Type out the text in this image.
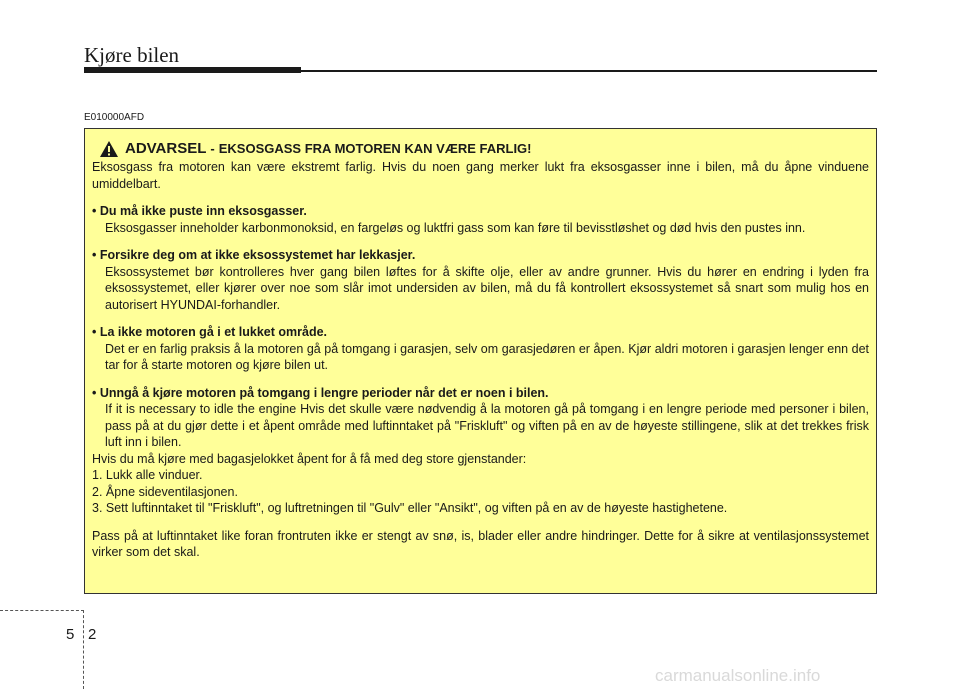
Kjøre bilen
E010000AFD
ADVARSEL - EKSOSGASS FRA MOTOREN KAN VÆRE FARLIG!
Eksosgass fra motoren kan være ekstremt farlig. Hvis du noen gang merker lukt fra eksosgasser inne i bilen, må du åpne vinduene umiddelbart.
• Du må ikke puste inn eksosgasser.
Eksosgasser inneholder karbonmonoksid, en fargeløs og luktfri gass som kan føre til bevisstløshet og død hvis den pustes inn.
• Forsikre deg om at ikke eksossystemet har lekkasjer.
Eksossystemet bør kontrolleres hver gang bilen løftes for å skifte olje, eller av andre grunner. Hvis du hører en endring i lyden fra eksossystemet, eller kjører over noe som slår imot undersiden av bilen, må du få kontrollert eksossystemet så snart som mulig hos en autorisert HYUNDAI-forhandler.
• La ikke motoren gå i et lukket område.
Det er en farlig praksis å la motoren gå på tomgang i garasjen, selv om garasjedøren er åpen. Kjør aldri motoren i garasjen lenger enn det tar for å starte motoren og kjøre bilen ut.
• Unngå å kjøre motoren på tomgang i lengre perioder når det er noen i bilen.
If it is necessary to idle the engine Hvis det skulle være nødvendig å la motoren gå på tomgang i en lengre periode med personer i bilen, pass på at du gjør dette i et åpent område med luftinntaket på "Friskluft" og viften på en av de høyeste stillingene, slik at det trekkes frisk luft inn i bilen.
Hvis du må kjøre med bagasjelokket åpent for å få med deg store gjenstander:
1. Lukk alle vinduer.
2. Åpne sideventilasjonen.
3. Sett luftinntaket til "Friskluft", og luftretningen til "Gulv" eller "Ansikt", og viften på en av de høyeste hastighetene.
Pass på at luftinntaket like foran frontruten ikke er stengt av snø, is, blader eller andre hindringer. Dette for å sikre at ventilasjonssystemet virker som det skal.
5 2
carmanualsonline.info
